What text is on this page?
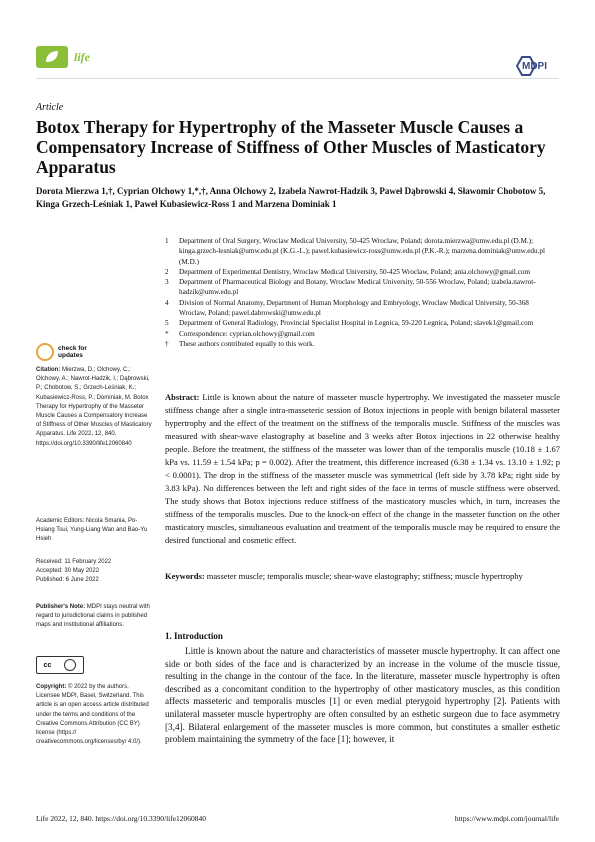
life
MDPI
Article
Botox Therapy for Hypertrophy of the Masseter Muscle Causes a Compensatory Increase of Stiffness of Other Muscles of Masticatory Apparatus
Dorota Mierzwa 1,†, Cyprian Olchowy 1,*,†, Anna Olchowy 2, Izabela Nawrot-Hadzik 3, Paweł Dąbrowski 4, Sławomir Chobotow 5, Kinga Grzech-Leśniak 1, Paweł Kubasiewicz-Ross 1 and Marzena Dominiak 1
1	Department of Oral Surgery, Wroclaw Medical University, 50-425 Wroclaw, Poland; dorota.mierzwa@umw.edu.pl (D.M.); kinga.grzech-lesniak@umw.edu.pl (K.G.-L.); pawel.kubasiewicz-ross@umw.edu.pl (P.K.-R.); marzena.dominiak@umw.edu.pl (M.D.)
2	Department of Experimental Dentistry, Wroclaw Medical University, 50-425 Wroclaw, Poland; ania.olchowy@gmail.com
3	Department of Pharmaceutical Biology and Botany, Wroclaw Medical University, 50-556 Wroclaw, Poland; izabela.nawrot-hadzik@umw.edu.pl
4	Division of Normal Anatomy, Department of Human Morphology and Embryology, Wroclaw Medical University, 50-368 Wroclaw, Poland; pawel.dabrowski@umw.edu.pl
5	Department of General Radiology, Provincial Specialist Hospital in Legnica, 59-220 Legnica, Poland; slavek1@gmail.com
*	Correspondence: cyprian.olchowy@gmail.com
†	These authors contributed equally to this work.
check for
updates
Citation: Mierzwa, D.; Olchowy, C.; Olchowy, A.; Nawrot-Hadzik, I.; Dąbrowski, P.; Chobotow, S.; Grzech-Leśniak, K.; Kubasiewicz-Ross, P.; Dominiak, M. Botox Therapy for Hypertrophy of the Masseter Muscle Causes a Compensatory Increase of Stiffness of Other Muscles of Masticatory Apparatus. Life 2022, 12, 840. https://doi.org/10.3390/life12060840
Academic Editors: Nicola Smania, Po-Hsiang Tsui, Yung-Liang Wan and Bao-Yu Hsieh
Received: 11 February 2022
Accepted: 30 May 2022
Published: 6 June 2022
Publisher's Note: MDPI stays neutral with regard to jurisdictional claims in published maps and institutional affiliations.
cc
Copyright: © 2022 by the authors. Licensee MDPI, Basel, Switzerland. This article is an open access article distributed under the terms and conditions of the Creative Commons Attribution (CC BY) license (https:// creativecommons.org/licenses/by/ 4.0/).
Abstract: Little is known about the nature of masseter muscle hypertrophy. We investigated the masseter muscle stiffness change after a single intra-masseteric session of Botox injections in people with benign bilateral masseter hypertrophy and the effect of the treatment on the stiffness of the temporalis muscle. Stiffness of the muscles was measured with shear-wave elastography at baseline and 3 weeks after Botox injections in 22 otherwise healthy people. Before the treatment, the stiffness of the masseter was lower than of the temporalis muscle (10.18 ± 1.67 kPa vs. 11.59 ± 1.54 kPa; p = 0.002). After the treatment, this difference increased (6.38 ± 1.34 vs. 13.10 ± 1.92; p < 0.0001). The drop in the stiffness of the masseter muscle was symmetrical (left side by 3.78 kPa; right side by 3.83 kPa). No differences between the left and right sides of the face in terms of muscle stiffness were observed. The study shows that Botox injections reduce stiffness of the masticatory muscles which, in turn, increases the stiffness of the temporalis muscles. Due to the knock-on effect of the change in the masseter function on the other masticatory muscles, simultaneous evaluation and treatment of the temporalis muscle may be required to ensure the desired functional and cosmetic effect.
Keywords: masseter muscle; temporalis muscle; shear-wave elastography; stiffness; muscle hypertrophy
1. Introduction
Little is known about the nature and characteristics of masseter muscle hypertrophy. It can affect one side or both sides of the face and is characterized by an increase in the volume of the muscle tissue, resulting in the change in the contour of the face. In the literature, masseter muscle hypertrophy is often described as a concomitant condition to the hypertrophy of other masticatory muscles, as this condition affects masseteric and temporalis muscles [1] or even medial pterygoid hypertrophy [2]. Patients with unilateral masseter muscle hypertrophy are often consulted by an esthetic surgeon due to face asymmetry [3,4]. Bilateral enlargement of the masseter muscles is more common, but constitutes a smaller esthetic problem maintaining the symmetry of the face [1]; however, it
Life 2022, 12, 840. https://doi.org/10.3390/life12060840	https://www.mdpi.com/journal/life
